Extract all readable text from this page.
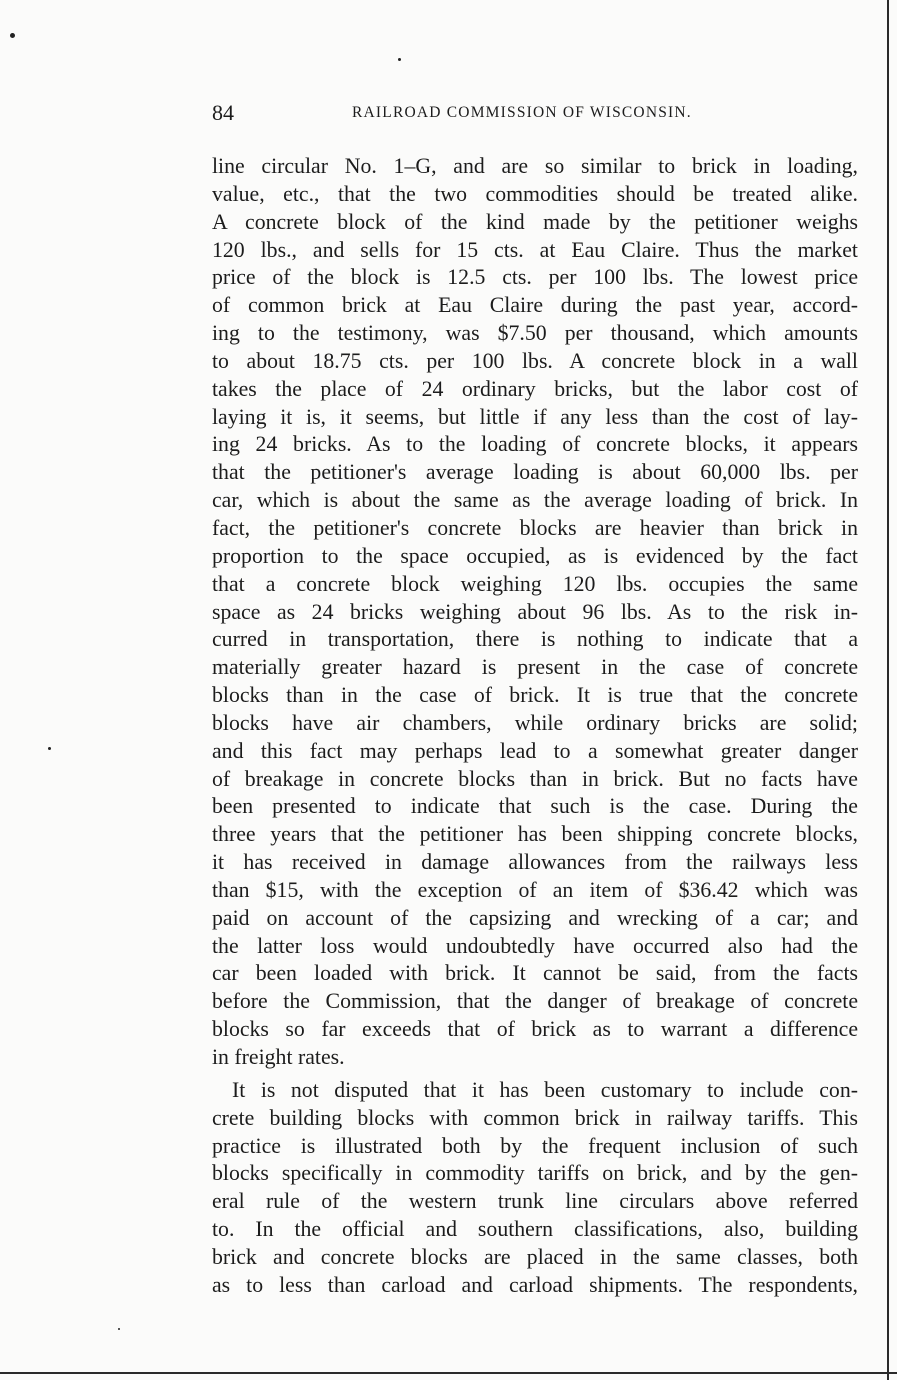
84	RAILROAD COMMISSION OF WISCONSIN.
line circular No. 1–G, and are so similar to brick in loading,
value, etc., that the two commodities should be treated alike.
A concrete block of the kind made by the petitioner weighs
120 lbs., and sells for 15 cts. at Eau Claire. Thus the market
price of the block is 12.5 cts. per 100 lbs. The lowest price
of common brick at Eau Claire during the past year, accord-
ing to the testimony, was $7.50 per thousand, which amounts
to about 18.75 cts. per 100 lbs. A concrete block in a wall
takes the place of 24 ordinary bricks, but the labor cost of
laying it is, it seems, but little if any less than the cost of lay-
ing 24 bricks. As to the loading of concrete blocks, it appears
that the petitioner's average loading is about 60,000 lbs. per
car, which is about the same as the average loading of brick. In
fact, the petitioner's concrete blocks are heavier than brick in
proportion to the space occupied, as is evidenced by the fact
that a concrete block weighing 120 lbs. occupies the same
space as 24 bricks weighing about 96 lbs. As to the risk in-
curred in transportation, there is nothing to indicate that a
materially greater hazard is present in the case of concrete
blocks than in the case of brick. It is true that the concrete
blocks have air chambers, while ordinary bricks are solid;
and this fact may perhaps lead to a somewhat greater danger
of breakage in concrete blocks than in brick. But no facts have
been presented to indicate that such is the case. During the
three years that the petitioner has been shipping concrete blocks,
it has received in damage allowances from the railways less
than $15, with the exception of an item of $36.42 which was
paid on account of the capsizing and wrecking of a car; and
the latter loss would undoubtedly have occurred also had the
car been loaded with brick. It cannot be said, from the facts
before the Commission, that the danger of breakage of concrete
blocks so far exceeds that of brick as to warrant a difference
in freight rates.
It is not disputed that it has been customary to include con-
crete building blocks with common brick in railway tariffs. This
practice is illustrated both by the frequent inclusion of such
blocks specifically in commodity tariffs on brick, and by the gen-
eral rule of the western trunk line circulars above referred
to. In the official and southern classifications, also, building
brick and concrete blocks are placed in the same classes, both
as to less than carload and carload shipments. The respondents,
